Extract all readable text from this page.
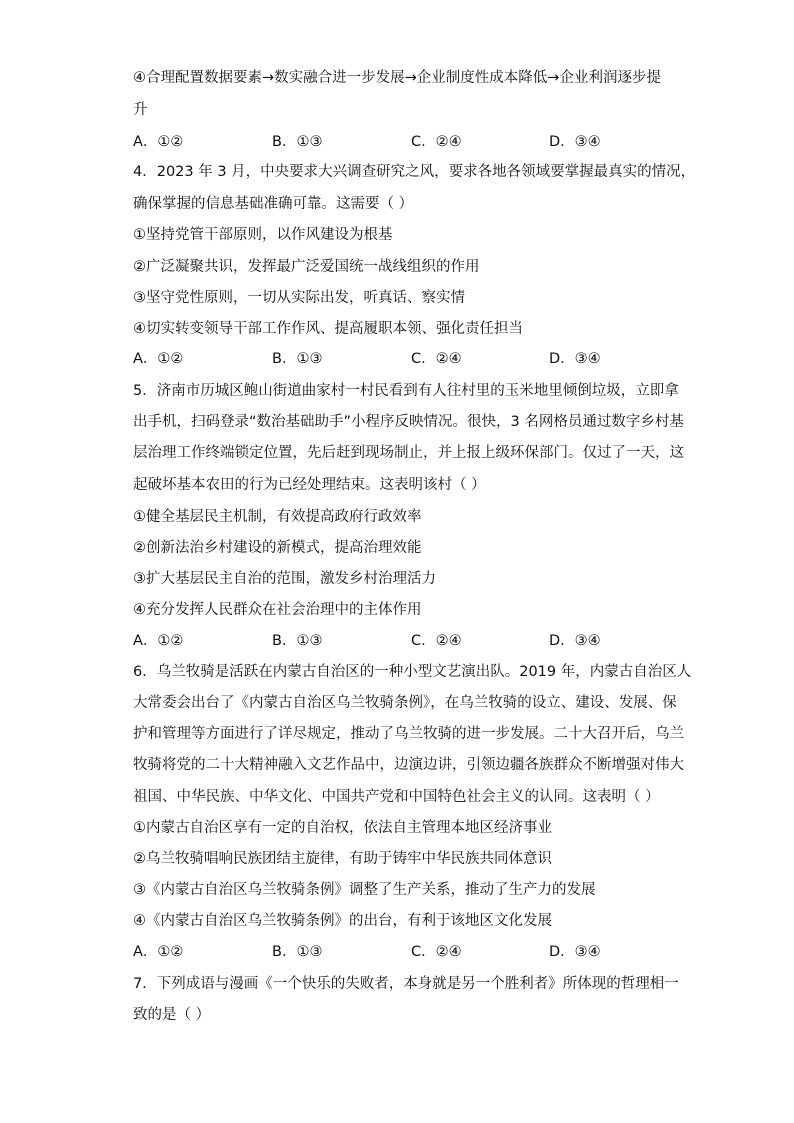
④合理配置数据要素→数实融合进一步发展→企业制度性成本降低→企业利润逐步提
升
A．①②	B．①③	C．②④	D．③④
4．2023 年 3 月，中央要求大兴调查研究之风，要求各地各领域要掌握最真实的情况，
确保掌握的信息基础准确可靠。这需要（ ）
①坚持党管干部原则，以作风建设为根基
②广泛凝聚共识，发挥最广泛爱国统一战线组织的作用
③坚守党性原则，一切从实际出发，听真话、察实情
④切实转变领导干部工作作风、提高履职本领、强化责任担当
A．①②	B．①③	C．②④	D．③④
5．济南市历城区鲍山街道曲家村一村民看到有人往村里的玉米地里倾倒垃圾，立即拿
出手机，扫码登录“数治基础助手”小程序反映情况。很快，3 名网格员通过数字乡村基
层治理工作终端锁定位置，先后赶到现场制止，并上报上级环保部门。仅过了一天，这
起破坏基本农田的行为已经处理结束。这表明该村（ ）
①健全基层民主机制，有效提高政府行政效率
②创新法治乡村建设的新模式，提高治理效能
③扩大基层民主自治的范围，激发乡村治理活力
④充分发挥人民群众在社会治理中的主体作用
A．①②	B．①③	C．②④	D．③④
6．乌兰牧骑是活跃在内蒙古自治区的一种小型文艺演出队。2019 年，内蒙古自治区人
大常委会出台了《内蒙古自治区乌兰牧骑条例》，在乌兰牧骑的设立、建设、发展、保
护和管理等方面进行了详尽规定，推动了乌兰牧骑的进一步发展。二十大召开后，乌兰
牧骑将党的二十大精神融入文艺作品中，边演边讲，引领边疆各族群众不断增强对伟大
祖国、中华民族、中华文化、中国共产党和中国特色社会主义的认同。这表明（ ）
①内蒙古自治区享有一定的自治权，依法自主管理本地区经济事业
②乌兰牧骑唱响民族团结主旋律，有助于铸牢中华民族共同体意识
③《内蒙古自治区乌兰牧骑条例》调整了生产关系，推动了生产力的发展
④《内蒙古自治区乌兰牧骑条例》的出台，有利于该地区文化发展
A．①②	B．①③	C．②④	D．③④
7．下列成语与漫画《一个快乐的失败者，本身就是另一个胜利者》所体现的哲理相一
致的是（ ）
